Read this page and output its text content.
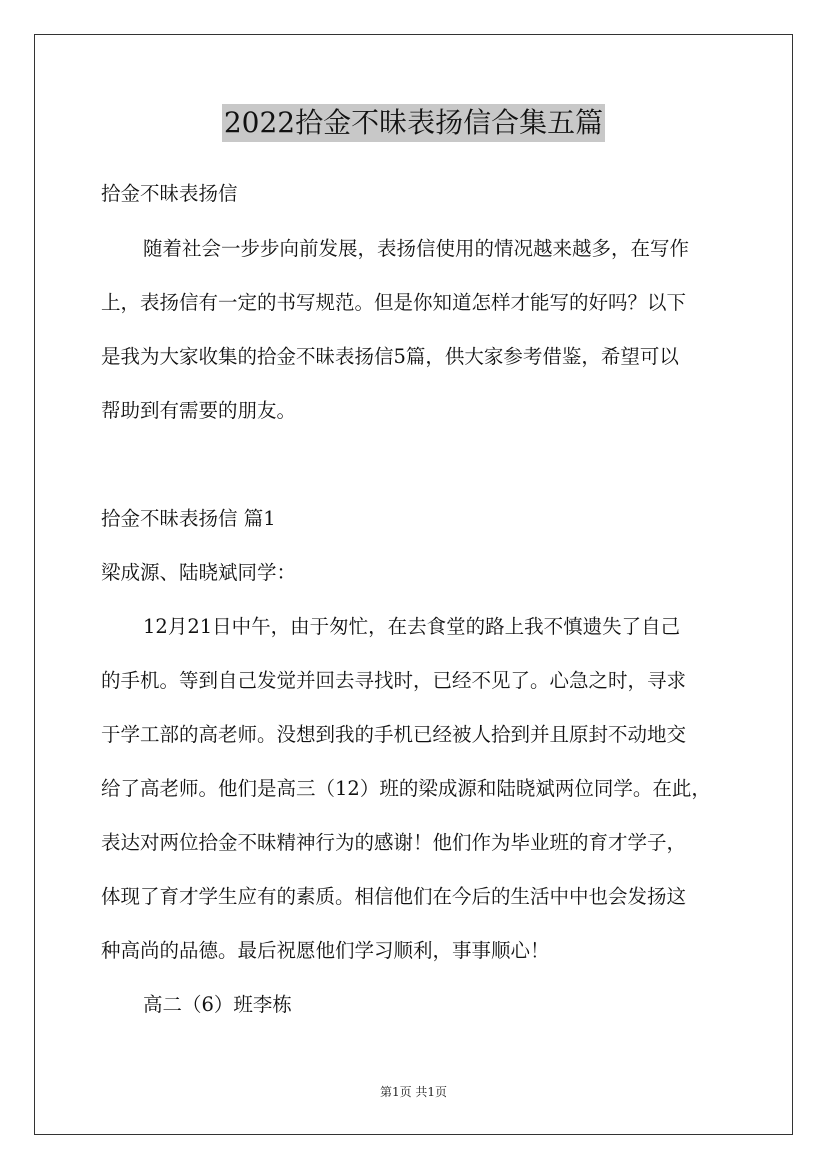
2022拾金不昧表扬信合集五篇
拾金不昧表扬信
随着社会一步步向前发展，表扬信使用的情况越来越多，在写作
上，表扬信有一定的书写规范。但是你知道怎样才能写的好吗？以下
是我为大家收集的拾金不昧表扬信5篇，供大家参考借鉴，希望可以
帮助到有需要的朋友。
拾金不昧表扬信 篇1
梁成源、陆晓斌同学：
12月21日中午，由于匆忙，在去食堂的路上我不慎遗失了自己
的手机。等到自己发觉并回去寻找时，已经不见了。心急之时，寻求
于学工部的高老师。没想到我的手机已经被人拾到并且原封不动地交
给了高老师。他们是高三（12）班的梁成源和陆晓斌两位同学。在此，
表达对两位拾金不昧精神行为的感谢！他们作为毕业班的育才学子，
体现了育才学生应有的素质。相信他们在今后的生活中中也会发扬这
种高尚的品德。最后祝愿他们学习顺利，事事顺心！
高二（6）班李栋
第1页 共1页
